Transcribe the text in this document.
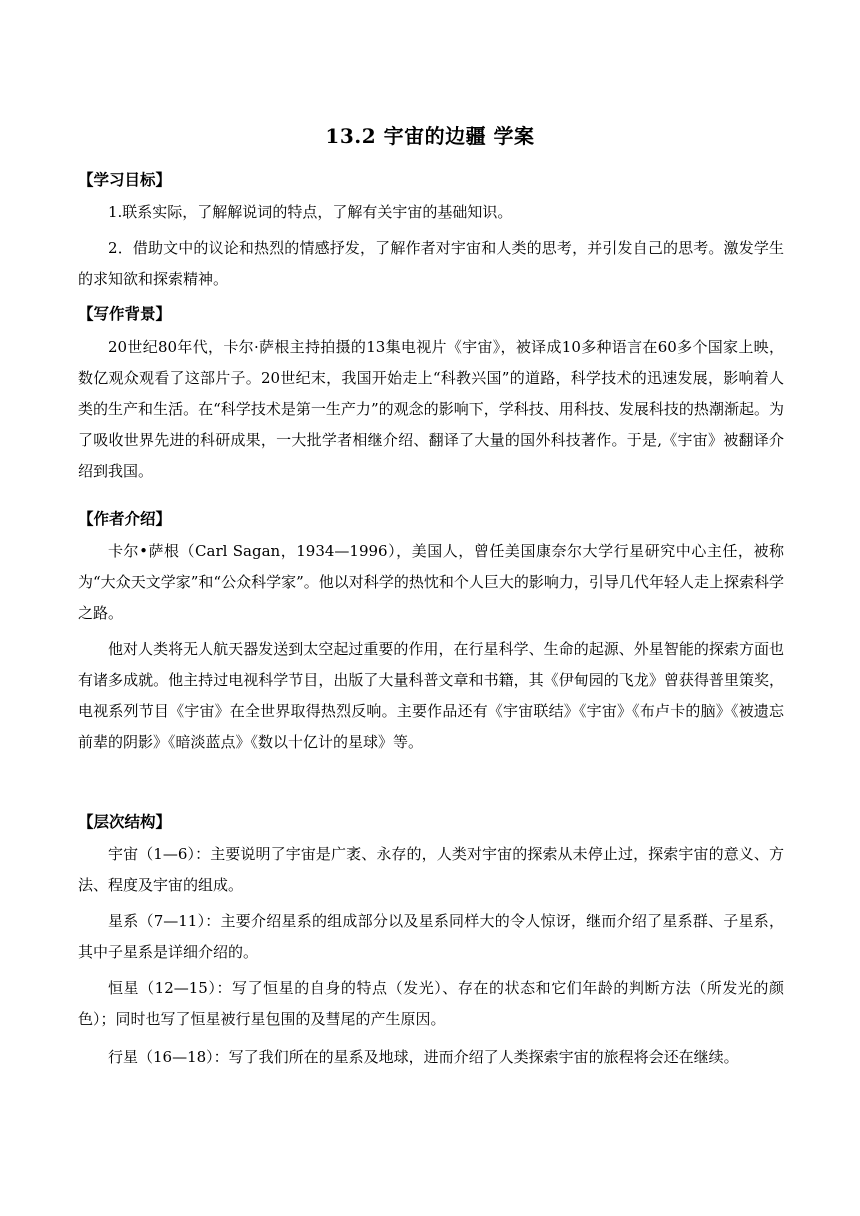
13.2 宇宙的边疆 学案
【学习目标】

1.联系实际，了解解说词的特点，了解有关宇宙的基础知识。

2．借助文中的议论和热烈的情感抒发，了解作者对宇宙和人类的思考，并引发自己的思考。激发学生的求知欲和探索精神。

【写作背景】

20世纪80年代，卡尔·萨根主持拍摄的13集电视片《宇宙》，被译成10多种语言在60多个国家上映，数亿观众观看了这部片子。20世纪末，我国开始走上“科教兴国”的道路，科学技术的迅速发展，影响着人类的生产和生活。在“科学技术是第一生产力”的观念的影响下，学科技、用科技、发展科技的热潮渐起。为了吸收世界先进的科研成果，一大批学者相继介绍、翻译了大量的国外科技著作。于是,《宇宙》被翻译介绍到我国。

【作者介绍】

卡尔•萨根（Carl Sagan，1934—1996），美国人，曾任美国康奈尔大学行星研究中心主任，被称为“大众天文学家”和“公众科学家”。他以对科学的热忱和个人巨大的影响力，引导几代年轻人走上探索科学之路。

他对人类将无人航天器发送到太空起过重要的作用，在行星科学、生命的起源、外星智能的探索方面也有诸多成就。他主持过电视科学节目，出版了大量科普文章和书籍，其《伊甸园的飞龙》曾获得普里策奖，电视系列节目《宇宙》在全世界取得热烈反响。主要作品还有《宇宙联结》《宇宙》《布卢卡的脑》《被遗忘前辈的阴影》《暗淡蓝点》《数以十亿计的星球》等。

【层次结构】

宇宙（1—6）：主要说明了宇宙是广袤、永存的，人类对宇宙的探索从未停止过，探索宇宙的意义、方法、程度及宇宙的组成。

星系（7—11）：主要介绍星系的组成部分以及星系同样大的令人惊讶，继而介绍了星系群、子星系，其中子星系是详细介绍的。

恒星（12—15）：写了恒星的自身的特点（发光）、存在的状态和它们年龄的判断方法（所发光的颜色）；同时也写了恒星被行星包围的及彗尾的产生原因。

行星（16—18）：写了我们所在的星系及地球，进而介绍了人类探索宇宙的旅程将会还在继续。
